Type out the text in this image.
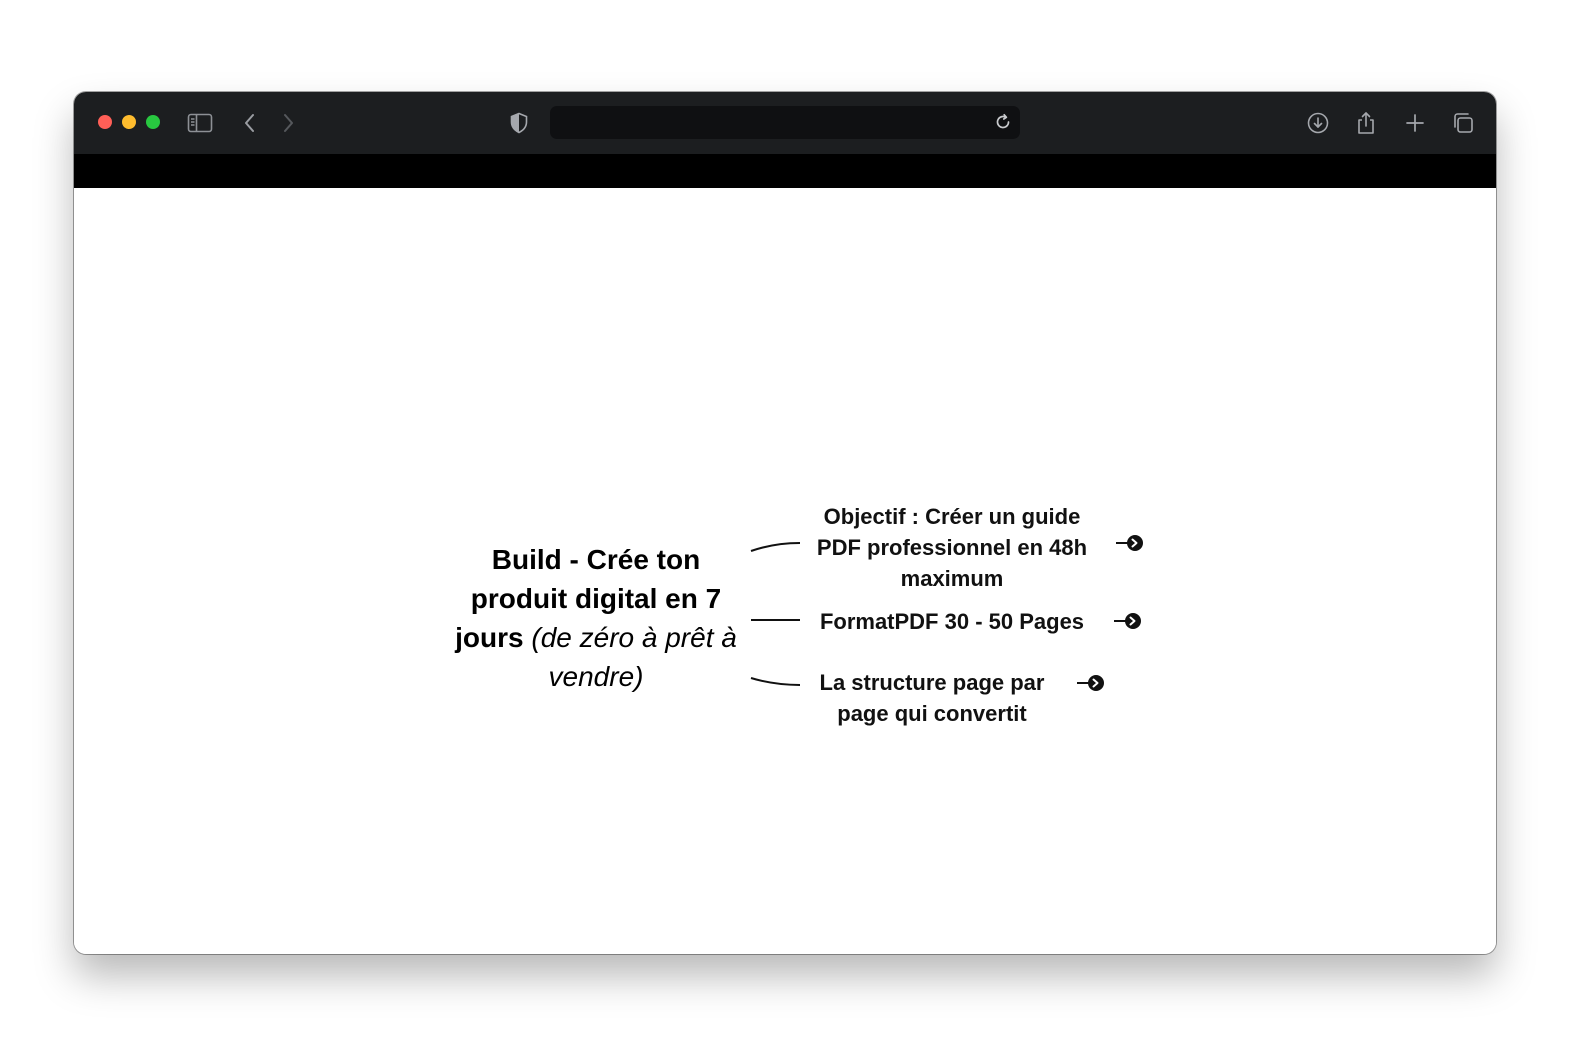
Build - Crée ton produit digital en 7 jours (de zéro à prêt à vendre)
Objectif : Créer un guide PDF professionnel en 48h maximum
FormatPDF 30 - 50 Pages
La structure page par page qui convertit
